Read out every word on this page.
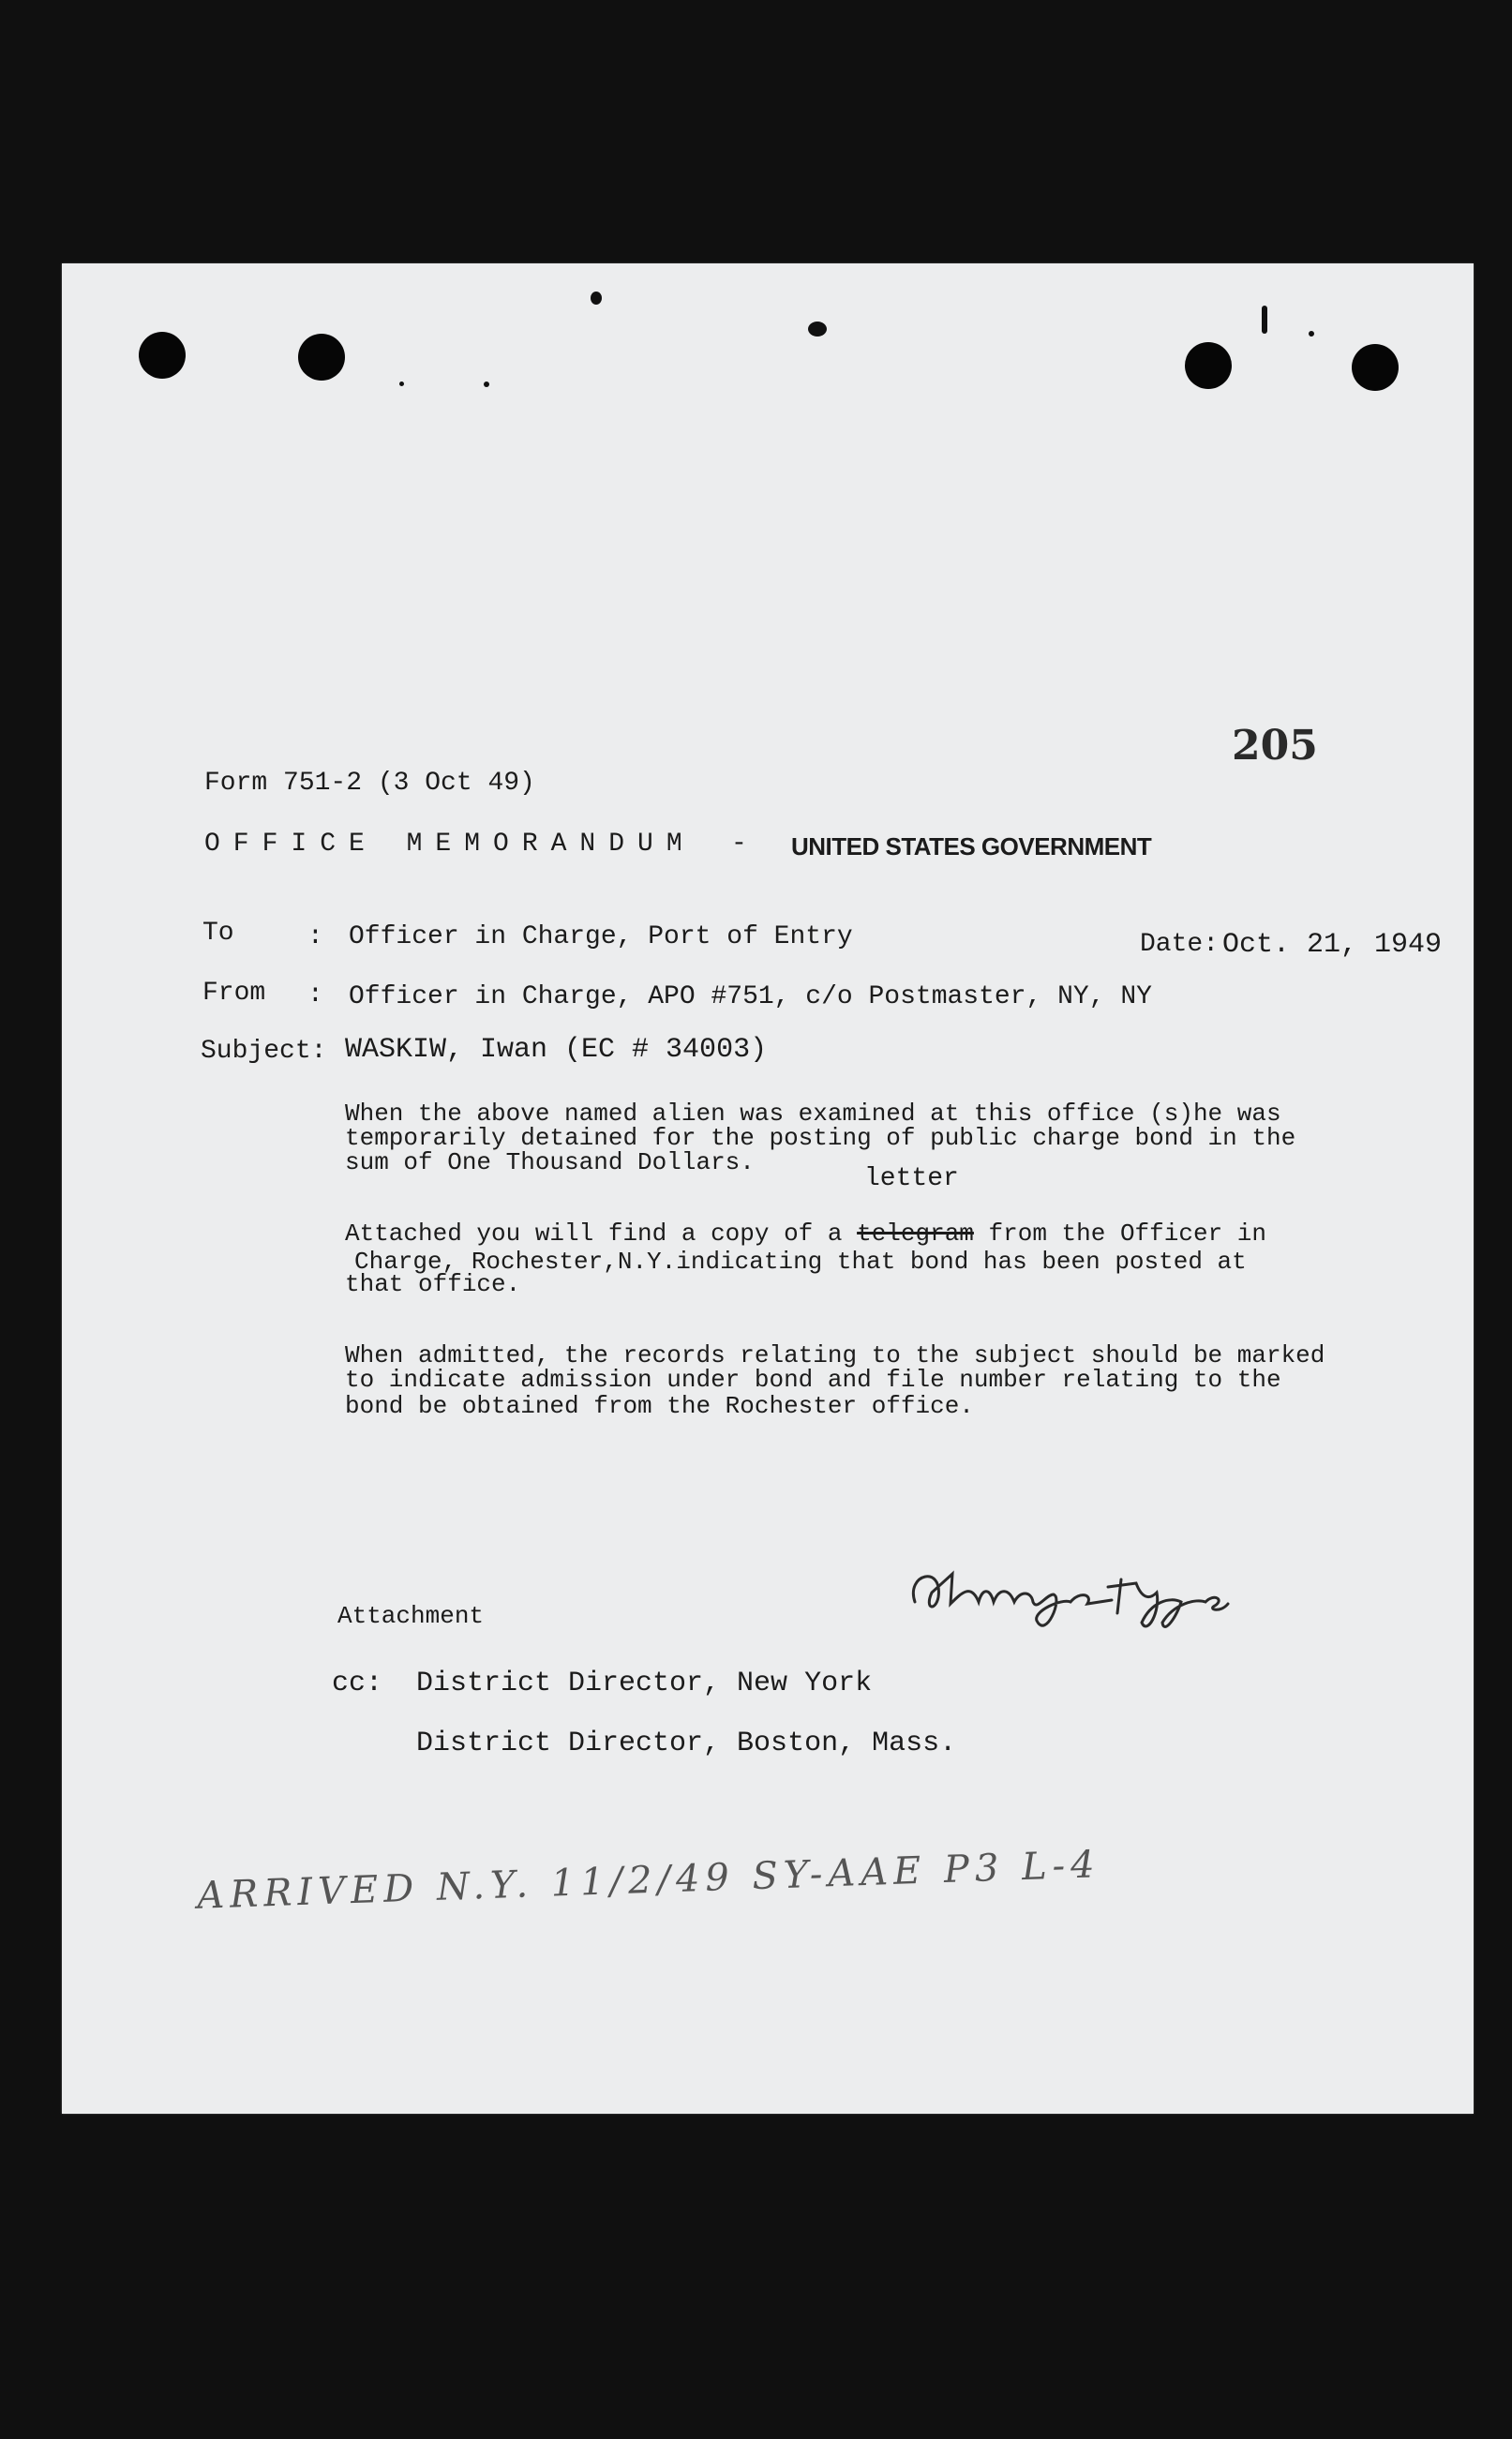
205
Form 751-2 (3 Oct 49)
OFFICE MEMORANDUM - UNITED STATES GOVERNMENT
To	: Officer in Charge, Port of Entry	Date: Oct. 21, 1949
From : Officer in Charge, APO #751, c/o Postmaster, NY, NY
Subject: WASKIW, Iwan (EC # 34003)
When the above named alien was examined at this office (s)he was
temporarily detained for the posting of public charge bond in the
sum of One Thousand Dollars.
letter
Attached you will find a copy of a telegram from the Officer in
Charge, Rochester,N.Y.indicating that bond has been posted at
that office.
When admitted, the records relating to the subject should be marked
to indicate admission under bond and file number relating to the
bond be obtained from the Rochester office.
Attachment
cc: District Director, New York
District Director, Boston, Mass.
ARRIVED N.Y. 11/2/49 SY-AAE P3 L-4
